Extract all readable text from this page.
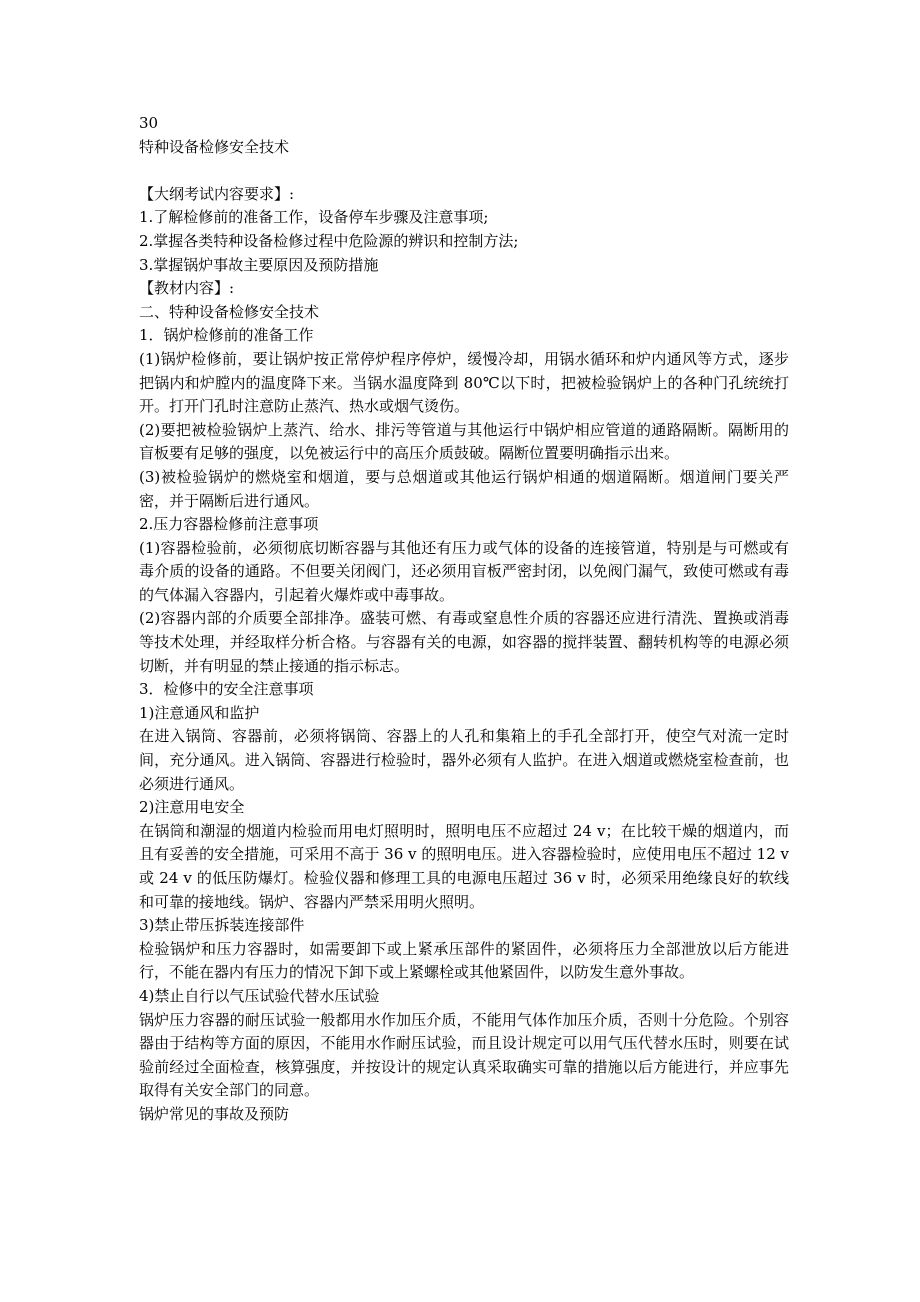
30

特种设备检修安全技术

【大纲考试内容要求】:

1.了解检修前的准备工作，设备停车步骤及注意事项;

2.掌握各类特种设备检修过程中危险源的辨识和控制方法;

3.掌握锅炉事故主要原因及预防措施

【教材内容】:

二、特种设备检修安全技术

1．锅炉检修前的准备工作

(1)锅炉检修前，要让锅炉按正常停炉程序停炉，缓慢冷却，用锅水循环和炉内通风等方式，逐步把锅内和炉膛内的温度降下来。当锅水温度降到 80℃以下时，把被检验锅炉上的各种门孔统统打开。打开门孔时注意防止蒸汽、热水或烟气烫伤。

(2)要把被检验锅炉上蒸汽、给水、排污等管道与其他运行中锅炉相应管道的通路隔断。隔断用的盲板要有足够的强度，以免被运行中的高压介质鼓破。隔断位置要明确指示出来。

(3)被检验锅炉的燃烧室和烟道，要与总烟道或其他运行锅炉相通的烟道隔断。烟道闸门要关严密，并于隔断后进行通风。

2.压力容器检修前注意事项

(1)容器检验前，必须彻底切断容器与其他还有压力或气体的设备的连接管道，特别是与可燃或有毒介质的设备的通路。不但要关闭阀门，还必须用盲板严密封闭，以免阀门漏气，致使可燃或有毒的气体漏入容器内，引起着火爆炸或中毒事故。

(2)容器内部的介质要全部排净。盛装可燃、有毒或窒息性介质的容器还应进行清洗、置换或消毒等技术处理，并经取样分析合格。与容器有关的电源，如容器的搅拌装置、翻转机构等的电源必须切断，并有明显的禁止接通的指示标志。

3．检修中的安全注意事项

1)注意通风和监护

在进入锅筒、容器前，必须将锅筒、容器上的人孔和集箱上的手孔全部打开，使空气对流一定时间，充分通风。进入锅筒、容器进行检验时，器外必须有人监护。在进入烟道或燃烧室检查前，也必须进行通风。

2)注意用电安全

在锅筒和潮湿的烟道内检验而用电灯照明时，照明电压不应超过 24 v；在比较干燥的烟道内，而且有妥善的安全措施，可采用不高于 36 v 的照明电压。进入容器检验时，应使用电压不超过 12 v 或 24 v 的低压防爆灯。检验仪器和修理工具的电源电压超过 36 v 时，必须采用绝缘良好的软线和可靠的接地线。锅炉、容器内严禁采用明火照明。

3)禁止带压拆装连接部件

检验锅炉和压力容器时，如需要卸下或上紧承压部件的紧固件，必须将压力全部泄放以后方能进行，不能在器内有压力的情况下卸下或上紧螺栓或其他紧固件，以防发生意外事故。

4)禁止自行以气压试验代替水压试验

锅炉压力容器的耐压试验一般都用水作加压介质，不能用气体作加压介质，否则十分危险。个别容器由于结构等方面的原因，不能用水作耐压试验，而且设计规定可以用气压代替水压时，则要在试验前经过全面检查，核算强度，并按设计的规定认真采取确实可靠的措施以后方能进行，并应事先取得有关安全部门的同意。

锅炉常见的事故及预防
